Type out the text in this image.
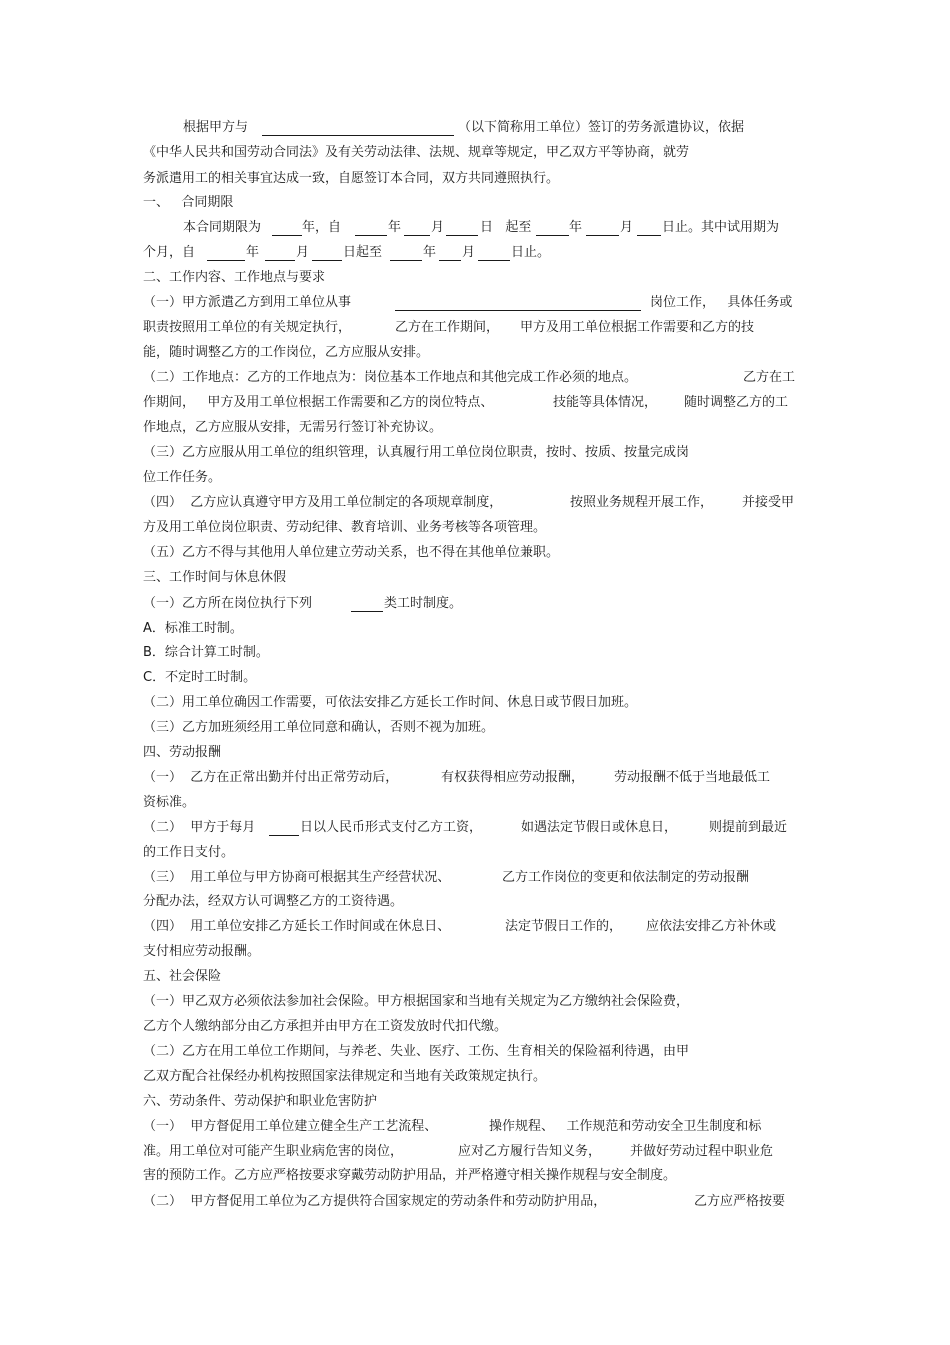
根据甲方与	（以下简称用工单位）签订的劳务派遣协议，依据

《中华人民共和国劳动合同法》及有关劳动法律、法规、规章等规定，甲乙双方平等协商，就劳

务派遣用工的相关事宜达成一致，自愿签订本合同，双方共同遵照执行。

一、   合同期限

本合同期限为	年，自	年 月	日   起至	年	月 日止。其中试用期为

个月，自	年	月	日起至	年 月	日止。

二、工作内容、工作地点与要求

（一）甲方派遣乙方到用工单位从事	岗位工作，   具体任务或

职责按照用工单位的有关规定执行，	乙方在工作期间， 甲方及用工单位根据工作需要和乙方的技

能，随时调整乙方的工作岗位，乙方应服从安排。

（二）工作地点：乙方的工作地点为：岗位基本工作地点和其他完成工作必须的地点。	乙方在工

作期间，   甲方及用工单位根据工作需要和乙方的岗位特点、	技能等具体情况， 随时调整乙方的工

作地点，乙方应服从安排，无需另行签订补充协议。

（三）乙方应服从用工单位的组织管理，认真履行用工单位岗位职责，按时、按质、按量完成岗

位工作任务。

（四）  乙方应认真遵守甲方及用工单位制定的各项规章制度，	按照业务规程开展工作， 并接受甲

方及用工单位岗位职责、劳动纪律、教育培训、业务考核等各项管理。

（五）乙方不得与其他用人单位建立劳动关系，也不得在其他单位兼职。

三、工作时间与休息休假

（一）乙方所在岗位执行下列	类工时制度。

A．标准工时制。

B．综合计算工时制。

C．不定时工时制。

（二）用工单位确因工作需要，可依法安排乙方延长工作时间、休息日或节假日加班。

（三）乙方加班须经用工单位同意和确认，否则不视为加班。

四、劳动报酬

（一）  乙方在正常出勤并付出正常劳动后，	有权获得相应劳动报酬， 劳动报酬不低于当地最低工

资标准。

（二）  甲方于每月	日以人民币形式支付乙方工资，	如遇法定节假日或休息日， 则提前到最近

的工作日支付。

（三）  用工单位与甲方协商可根据其生产经营状况、	乙方工作岗位的变更和依法制定的劳动报酬

分配办法，经双方认可调整乙方的工资待遇。

（四）  用工单位安排乙方延长工作时间或在休息日、	法定节假日工作的， 应依法安排乙方补休或

支付相应劳动报酬。

五、社会保险

（一）甲乙双方必须依法参加社会保险。甲方根据国家和当地有关规定为乙方缴纳社会保险费，

乙方个人缴纳部分由乙方承担并由甲方在工资发放时代扣代缴。

（二）乙方在用工单位工作期间，与养老、失业、医疗、工伤、生育相关的保险福利待遇，由甲

乙双方配合社保经办机构按照国家法律规定和当地有关政策规定执行。

六、劳动条件、劳动保护和职业危害防护

（一）  甲方督促用工单位建立健全生产工艺流程、	操作规程、   工作规范和劳动安全卫生制度和标

准。用工单位对可能产生职业病危害的岗位，	应对乙方履行告知义务， 并做好劳动过程中职业危

害的预防工作。乙方应严格按要求穿戴劳动防护用品，并严格遵守相关操作规程与安全制度。

（二）  甲方督促用工单位为乙方提供符合国家规定的劳动条件和劳动防护用品，	乙方应严格按要
